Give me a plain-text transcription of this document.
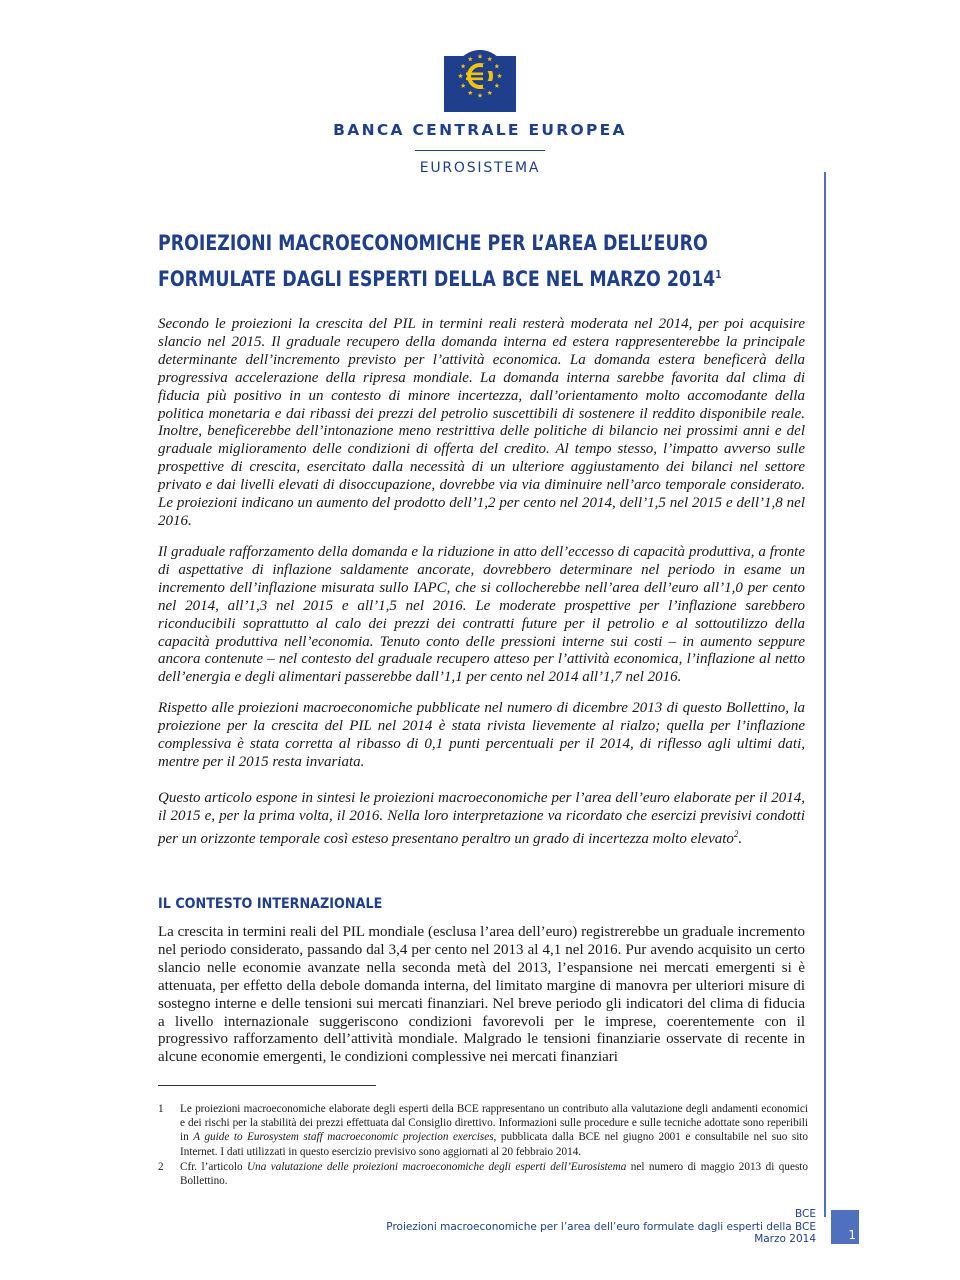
BANCA CENTRALE EUROPEA
EUROSISTEMA
PROIEZIONI MACROECONOMICHE PER L’AREA DELL’EURO
FORMULATE DAGLI ESPERTI DELLA BCE NEL MARZO 2014$^1$

Secondo le proiezioni la crescita del PIL in termini reali resterà moderata nel 2014, per poi acquisire slancio nel 2015. Il graduale recupero della domanda interna ed estera rappresenterebbe la principale determinante dell’incremento previsto per l’attività economica. La domanda estera beneficerà della progressiva accelerazione della ripresa mondiale. La domanda interna sarebbe favorita dal clima di fiducia più positivo in un contesto di minore incertezza, dall’orientamento molto accomodante della politica monetaria e dai ribassi dei prezzi del petrolio suscettibili di sostenere il reddito disponibile reale. Inoltre, beneficerebbe dell’intonazione meno restrittiva delle politiche di bilancio nei prossimi anni e del graduale miglioramento delle condizioni di offerta del credito. Al tempo stesso, l’impatto avverso sulle prospettive di crescita, esercitato dalla necessità di un ulteriore aggiustamento dei bilanci nel settore privato e dai livelli elevati di disoccupazione, dovrebbe via via diminuire nell’arco temporale considerato. Le proiezioni indicano un aumento del prodotto dell’1,2 per cento nel 2014, dell’1,5 nel 2015 e dell’1,8 nel 2016.

Il graduale rafforzamento della domanda e la riduzione in atto dell’eccesso di capacità produttiva, a fronte di aspettative di inflazione saldamente ancorate, dovrebbero determinare nel periodo in esame un incremento dell’inflazione misurata sullo IAPC, che si collocherebbe nell’area dell’euro all’1,0 per cento nel 2014, all’1,3 nel 2015 e all’1,5 nel 2016. Le moderate prospettive per l’inflazione sarebbero riconducibili soprattutto al calo dei prezzi dei contratti future per il petrolio e al sottoutilizzo della capacità produttiva nell’economia. Tenuto conto delle pressioni interne sui costi – in aumento seppure ancora contenute – nel contesto del graduale recupero atteso per l’attività economica, l’inflazione al netto dell’energia e degli alimentari passerebbe dall’1,1 per cento nel 2014 all’1,7 nel 2016.

Rispetto alle proiezioni macroeconomiche pubblicate nel numero di dicembre 2013 di questo Bollettino, la proiezione per la crescita del PIL nel 2014 è stata rivista lievemente al rialzo; quella per l’inflazione complessiva è stata corretta al ribasso di 0,1 punti percentuali per il 2014, di riflesso agli ultimi dati, mentre per il 2015 resta invariata.

Questo articolo espone in sintesi le proiezioni macroeconomiche per l’area dell’euro elaborate per il 2014, il 2015 e, per la prima volta, il 2016. Nella loro interpretazione va ricordato che esercizi previsivi condotti per un orizzonte temporale così esteso presentano peraltro un grado di incertezza molto elevato$^2$.

IL CONTESTO INTERNAZIONALE

La crescita in termini reali del PIL mondiale (esclusa l’area dell’euro) registrerebbe un graduale incremento nel periodo considerato, passando dal 3,4 per cento nel 2013 al 4,1 nel 2016. Pur avendo acquisito un certo slancio nelle economie avanzate nella seconda metà del 2013, l’espansione nei mercati emergenti si è attenuata, per effetto della debole domanda interna, del limitato margine di manovra per ulteriori misure di sostegno interne e delle tensioni sui mercati finanziari. Nel breve periodo gli indicatori del clima di fiducia a livello internazionale suggeriscono condizioni favorevoli per le imprese, coerentemente con il progressivo rafforzamento dell’attività mondiale. Malgrado le tensioni finanziarie osservate di recente in alcune economie emergenti, le condizioni complessive nei mercati finanziari

1 Le proiezioni macroeconomiche elaborate degli esperti della BCE rappresentano un contributo alla valutazione degli andamenti economici e dei rischi per la stabilità dei prezzi effettuata dal Consiglio direttivo. Informazioni sulle procedure e sulle tecniche adottate sono reperibili in A guide to Eurosystem staff macroeconomic projection exercises, pubblicata dalla BCE nel giugno 2001 e consultabile nel suo sito Internet. I dati utilizzati in questo esercizio previsivo sono aggiornati al 20 febbraio 2014.
2 Cfr. l’articolo Una valutazione delle proiezioni macroeconomiche degli esperti dell’Eurosistema nel numero di maggio 2013 di questo Bollettino.
BCE
Proiezioni macroeconomiche per l’area dell’euro formulate dagli esperti della BCE
Marzo 2014	1
